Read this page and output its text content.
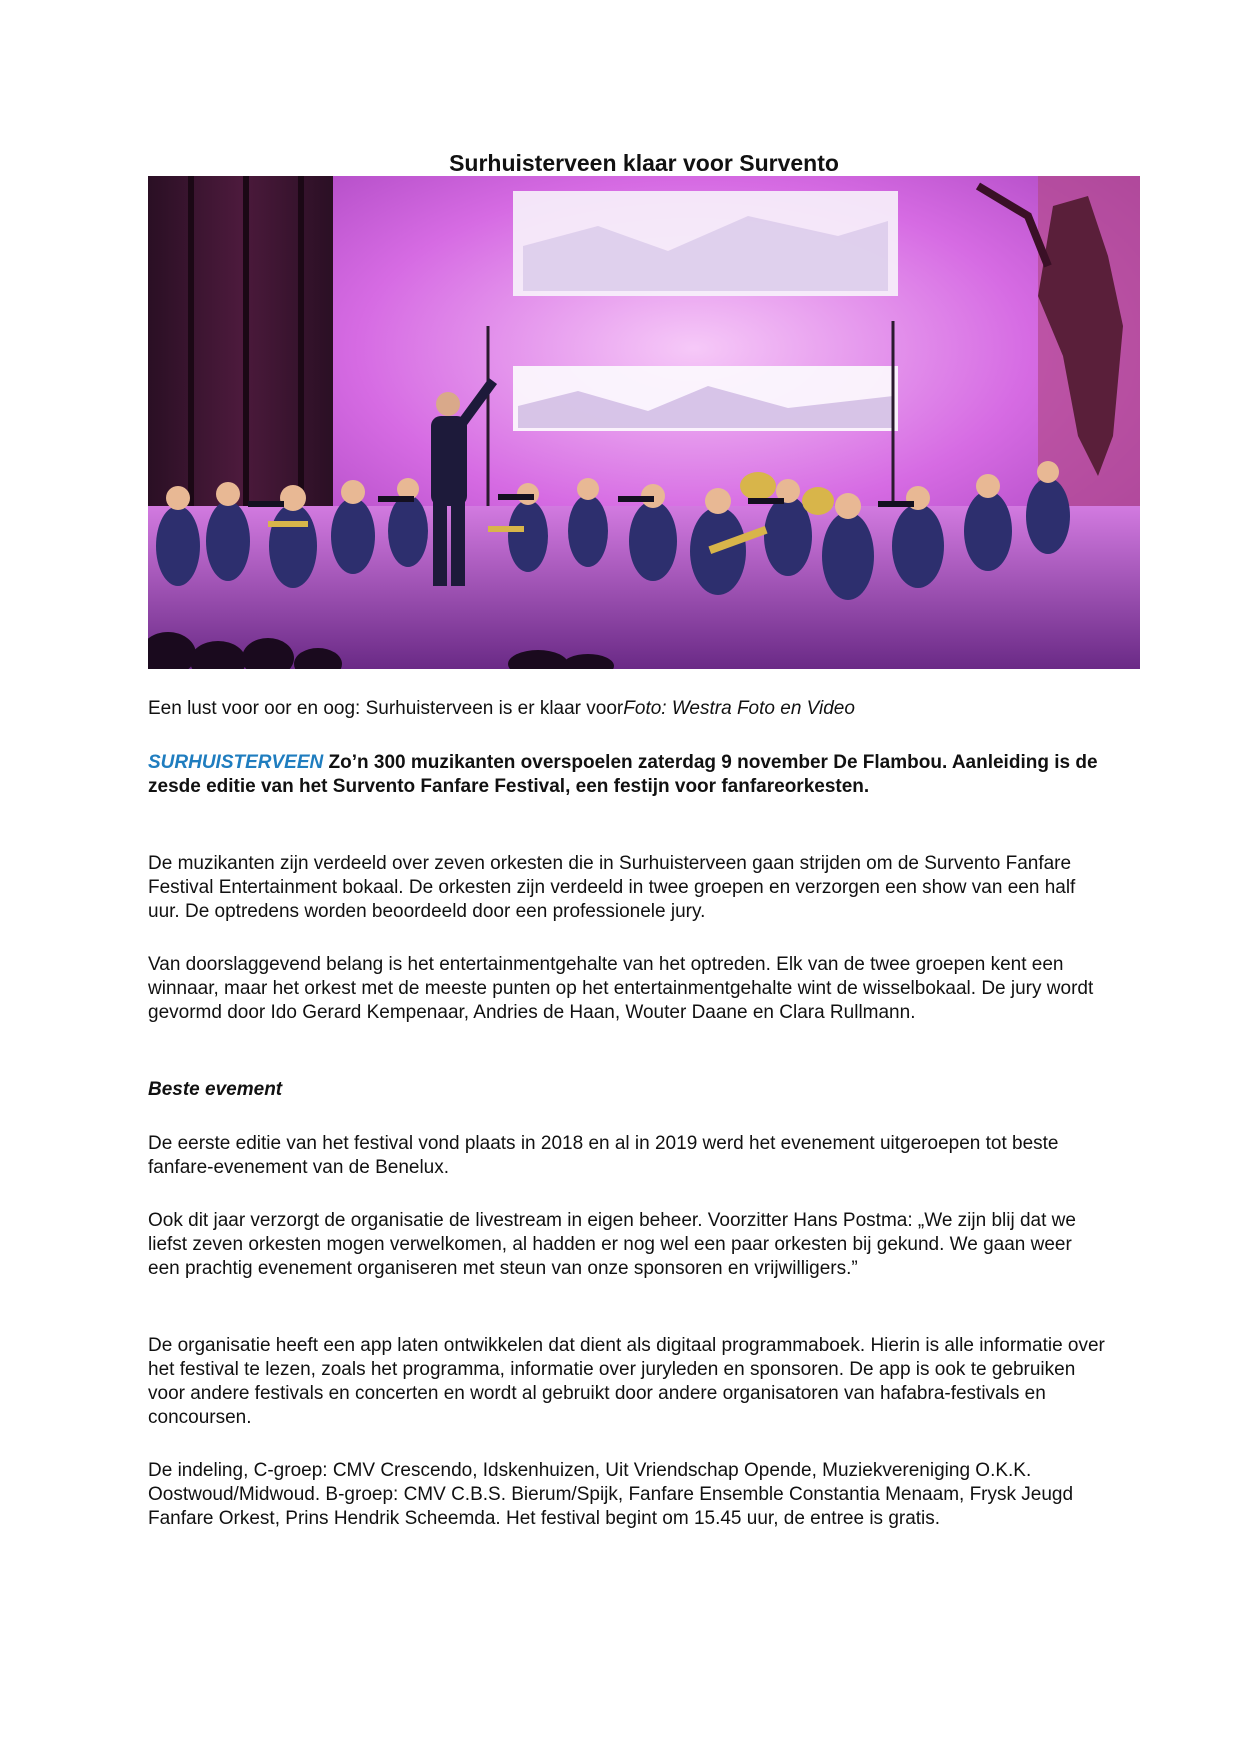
Surhuisterveen klaar voor Survento
Een lust voor oor en oog: Surhuisterveen is er klaar voorFoto: Westra Foto en Video

SURHUISTERVEEN Zo’n 300 muzikanten overspoelen zaterdag 9 november De Flambou. Aanleiding is de zesde editie van het Survento Fanfare Festival, een festijn voor fanfareorkesten.

De muzikanten zijn verdeeld over zeven orkesten die in Surhuisterveen gaan strijden om de Survento Fanfare Festival Entertainment bokaal. De orkesten zijn verdeeld in twee groepen en verzorgen een show van een half uur. De optredens worden beoordeeld door een professionele jury.

Van doorslaggevend belang is het entertainmentgehalte van het optreden. Elk van de twee groepen kent een winnaar, maar het orkest met de meeste punten op het entertainmentgehalte wint de wisselbokaal. De jury wordt gevormd door Ido Gerard Kempenaar, Andries de Haan, Wouter Daane en Clara Rullmann.

Beste evement

De eerste editie van het festival vond plaats in 2018 en al in 2019 werd het evenement uitgeroepen tot beste fanfare-evenement van de Benelux.

Ook dit jaar verzorgt de organisatie de livestream in eigen beheer. Voorzitter Hans Postma: „We zijn blij dat we liefst zeven orkesten mogen verwelkomen, al hadden er nog wel een paar orkesten bij gekund. We gaan weer een prachtig evenement organiseren met steun van onze sponsoren en vrijwilligers.”

De organisatie heeft een app laten ontwikkelen dat dient als digitaal programmaboek. Hierin is alle informatie over het festival te lezen, zoals het programma, informatie over juryleden en sponsoren. De app is ook te gebruiken voor andere festivals en concerten en wordt al gebruikt door andere organisatoren van hafabra-festivals en concoursen.

De indeling, C-groep: CMV Crescendo, Idskenhuizen, Uit Vriendschap Opende, Muziekvereniging O.K.K. Oostwoud/Midwoud. B-groep: CMV C.B.S. Bierum/Spijk, Fanfare Ensemble Constantia Menaam, Frysk Jeugd Fanfare Orkest, Prins Hendrik Scheemda. Het festival begint om 15.45 uur, de entree is gratis.
